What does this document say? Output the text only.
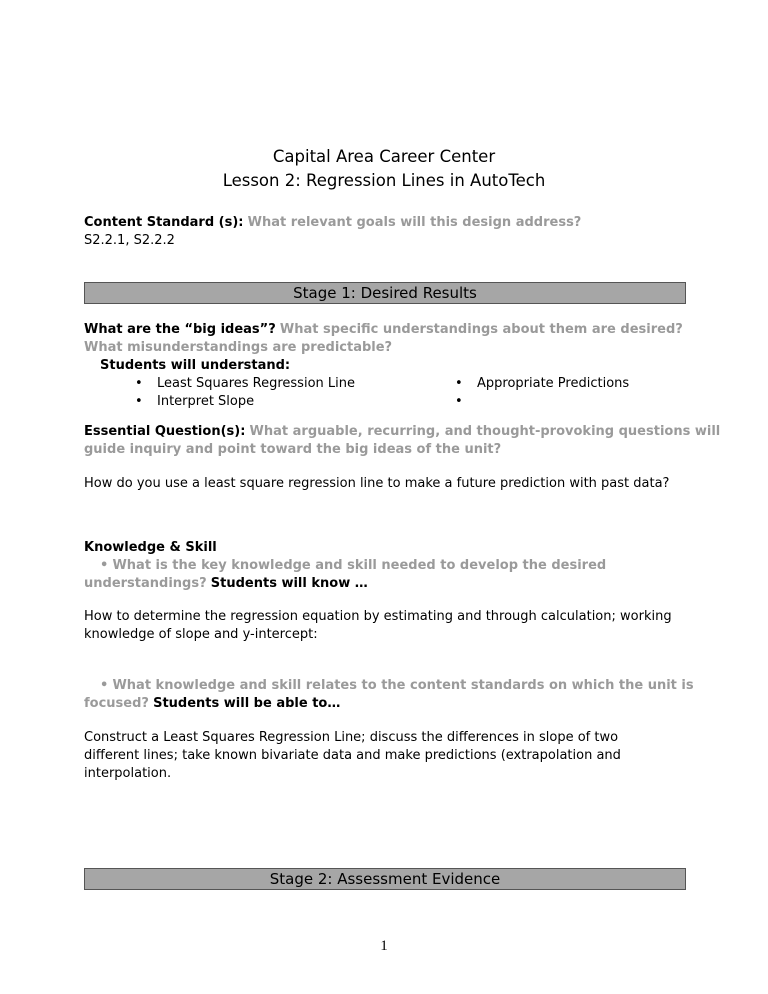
Capital Area Career Center
Lesson 2: Regression Lines in AutoTech
Content Standard (s): What relevant goals will this design address?
S2.2.1, S2.2.2
Stage 1: Desired Results
What are the “big ideas”? What specific understandings about them are desired?
What misunderstandings are predictable?
Students will understand:
• Least Squares Regression Line
• Interpret Slope
• Appropriate Predictions
•
Essential Question(s): What arguable, recurring, and thought-provoking questions will
guide inquiry and point toward the big ideas of the unit?
How do you use a least square regression line to make a future prediction with past data?
Knowledge & Skill
• What is the key knowledge and skill needed to develop the desired
understandings? Students will know …
How to determine the regression equation by estimating and through calculation; working
knowledge of slope and y-intercept:
• What knowledge and skill relates to the content standards on which the unit is
focused? Students will be able to…
Construct a Least Squares Regression Line; discuss the differences in slope of two
different lines; take known bivariate data and make predictions (extrapolation and
interpolation.
Stage 2: Assessment Evidence
1
